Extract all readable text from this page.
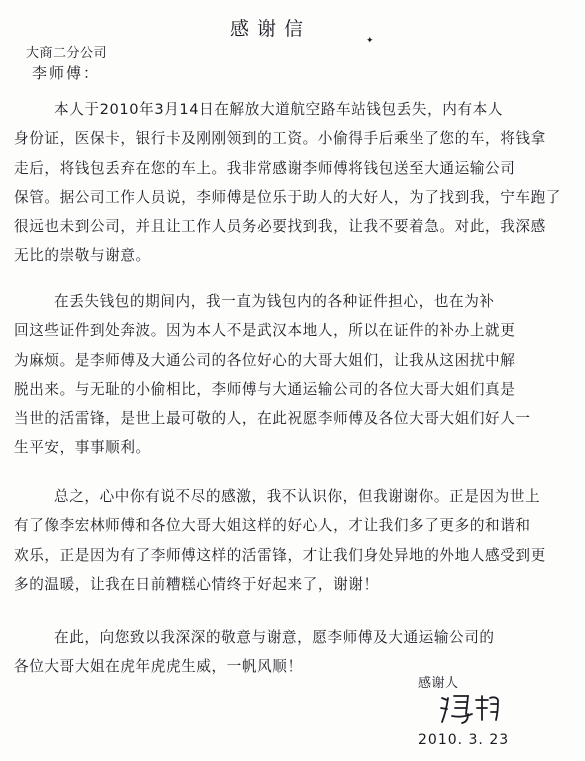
感谢信
✦
大商二分公司
李师傅：
本人于2010年3月14日在解放大道航空路车站钱包丢失，内有本人
身份证，医保卡，银行卡及刚刚领到的工资。小偷得手后乘坐了您的车，将钱拿
走后，将钱包丢弃在您的车上。我非常感谢李师傅将钱包送至大通运输公司
保管。据公司工作人员说，李师傅是位乐于助人的大好人，为了找到我，宁车跑了
很远也未到公司，并且让工作人员务必要找到我，让我不要着急。对此，我深感
无比的崇敬与谢意。
在丢失钱包的期间内，我一直为钱包内的各种证件担心，也在为补
回这些证件到处奔波。因为本人不是武汉本地人，所以在证件的补办上就更
为麻烦。是李师傅及大通公司的各位好心的大哥大姐们，让我从这困扰中解
脱出来。与无耻的小偷相比，李师傅与大通运输公司的各位大哥大姐们真是
当世的活雷锋，是世上最可敬的人，在此祝愿李师傅及各位大哥大姐们好人一
生平安，事事顺利。
总之，心中你有说不尽的感激，我不认识你，但我谢谢你。正是因为世上
有了像李宏林师傅和各位大哥大姐这样的好心人，才让我们多了更多的和谐和
欢乐，正是因为有了李师傅这样的活雷锋，才让我们身处异地的外地人感受到更
多的温暖，让我在日前糟糕心情终于好起来了，谢谢！
在此，向您致以我深深的敬意与谢意，愿李师傅及大通运输公司的
各位大哥大姐在虎年虎虎生威，一帆风顺！
感谢人
2010. 3. 23
